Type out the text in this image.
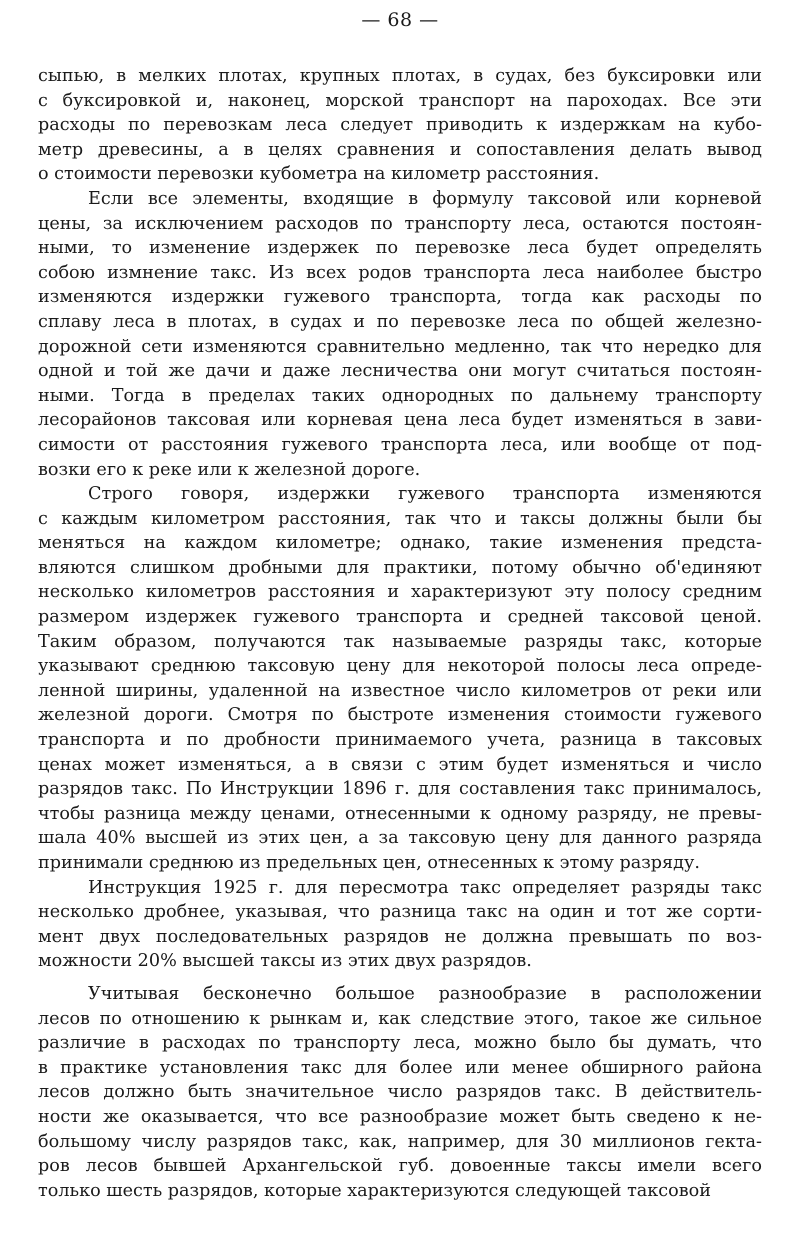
— 68 —
сыпью, в мелких плотах, крупных плотах, в судах, без буксировки или
с буксировкой и, наконец, морской транспорт на пароходах. Все эти
расходы по перевозкам леса следует приводить к издержкам на кубо-
метр древесины, а в целях сравнения и сопоставления делать вывод
о стоимости перевозки кубометра на километр расстояния.
Если все элементы, входящие в формулу таксовой или корневой
цены, за исключением расходов по транспорту леса, остаются постоян-
ными, то изменение издержек по перевозке леса будет определять
собою измнение такс. Из всех родов транспорта леса наиболее быстро
изменяются издержки гужевого транспорта, тогда как расходы по
сплаву леса в плотах, в судах и по перевозке леса по общей железно-
дорожной сети изменяются сравнительно медленно, так что нередко для
одной и той же дачи и даже лесничества они могут считаться постоян-
ными. Тогда в пределах таких однородных по дальнему транспорту
лесорайонов таксовая или корневая цена леса будет изменяться в зави-
симости от расстояния гужевого транспорта леса, или вообще от под-
возки его к реке или к железной дороге.
Строго говоря, издержки гужевого транспорта изменяются
с каждым километром расстояния, так что и таксы должны были бы
меняться на каждом километре; однако, такие изменения предста-
вляются слишком дробными для практики, потому обычно об'единяют
несколько километров расстояния и характеризуют эту полосу средним
размером издержек гужевого транспорта и средней таксовой ценой.
Таким образом, получаются так называемые разряды такс, которые
указывают среднюю таксовую цену для некоторой полосы леса опреде-
ленной ширины, удаленной на известное число километров от реки или
железной дороги. Смотря по быстроте изменения стоимости гужевого
транспорта и по дробности принимаемого учета, разница в таксовых
ценах может изменяться, а в связи с этим будет изменяться и число
разрядов такс. По Инструкции 1896 г. для составления такс принималось,
чтобы разница между ценами, отнесенными к одному разряду, не превы-
шала 40% высшей из этих цен, а за таксовую цену для данного разряда
принимали среднюю из предельных цен, отнесенных к этому разряду.
Инструкция 1925 г. для пересмотра такс определяет разряды такс
несколько дробнее, указывая, что разница такс на один и тот же сорти-
мент двух последовательных разрядов не должна превышать по воз-
можности 20% высшей таксы из этих двух разрядов.
Учитывая бесконечно большое разнообразие в расположении
лесов по отношению к рынкам и, как следствие этого, такое же сильное
различие в расходах по транспорту леса, можно было бы думать, что
в практике установления такс для более или менее обширного района
лесов должно быть значительное число разрядов такс. В действитель-
ности же оказывается, что все разнообразие может быть сведено к не-
большому числу разрядов такс, как, например, для 30 миллионов гекта-
ров лесов бывшей Архангельской губ. довоенные таксы имели всего
только шесть разрядов, которые характеризуются следующей таксовой
